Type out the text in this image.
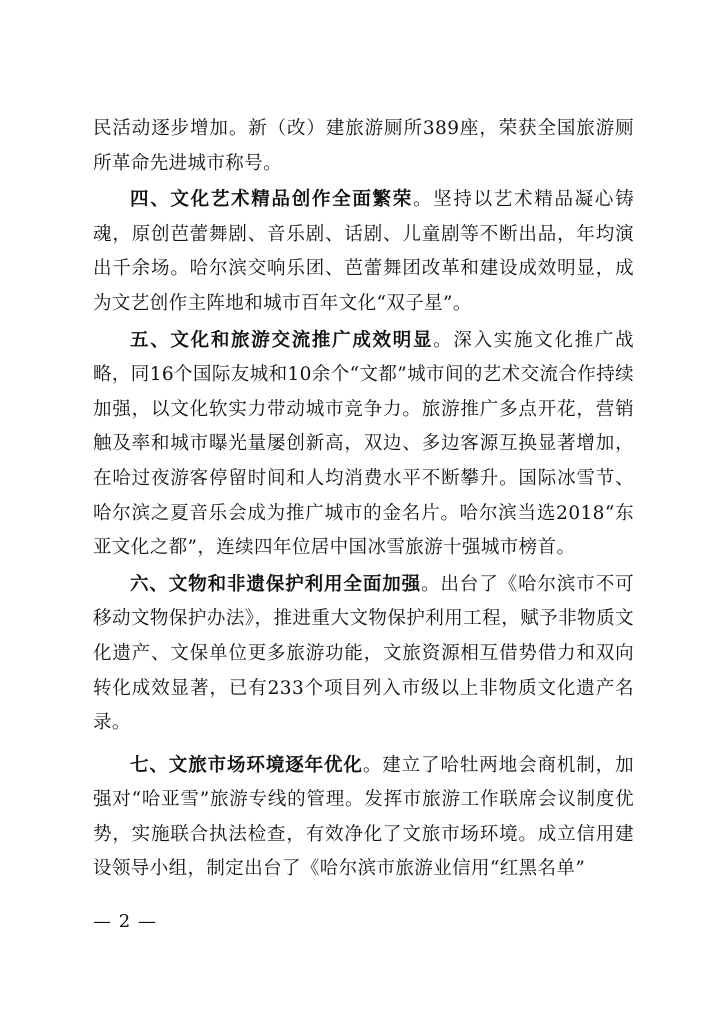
民活动逐步增加。新（改）建旅游厕所389座，荣获全国旅游厕所革命先进城市称号。

四、文化艺术精品创作全面繁荣。坚持以艺术精品凝心铸魂，原创芭蕾舞剧、音乐剧、话剧、儿童剧等不断出品，年均演出千余场。哈尔滨交响乐团、芭蕾舞团改革和建设成效明显，成为文艺创作主阵地和城市百年文化“双子星”。

五、文化和旅游交流推广成效明显。深入实施文化推广战略，同16个国际友城和10余个“文都”城市间的艺术交流合作持续加强，以文化软实力带动城市竞争力。旅游推广多点开花，营销触及率和城市曝光量屡创新高，双边、多边客源互换显著增加，在哈过夜游客停留时间和人均消费水平不断攀升。国际冰雪节、哈尔滨之夏音乐会成为推广城市的金名片。哈尔滨当选2018“东亚文化之都”，连续四年位居中国冰雪旅游十强城市榜首。

六、文物和非遗保护利用全面加强。出台了《哈尔滨市不可移动文物保护办法》，推进重大文物保护利用工程，赋予非物质文化遗产、文保单位更多旅游功能，文旅资源相互借势借力和双向转化成效显著，已有233个项目列入市级以上非物质文化遗产名录。

七、文旅市场环境逐年优化。建立了哈牡两地会商机制，加强对“哈亚雪”旅游专线的管理。发挥市旅游工作联席会议制度优势，实施联合执法检查，有效净化了文旅市场环境。成立信用建设领导小组，制定出台了《哈尔滨市旅游业信用“红黑名单”

— 2 —
